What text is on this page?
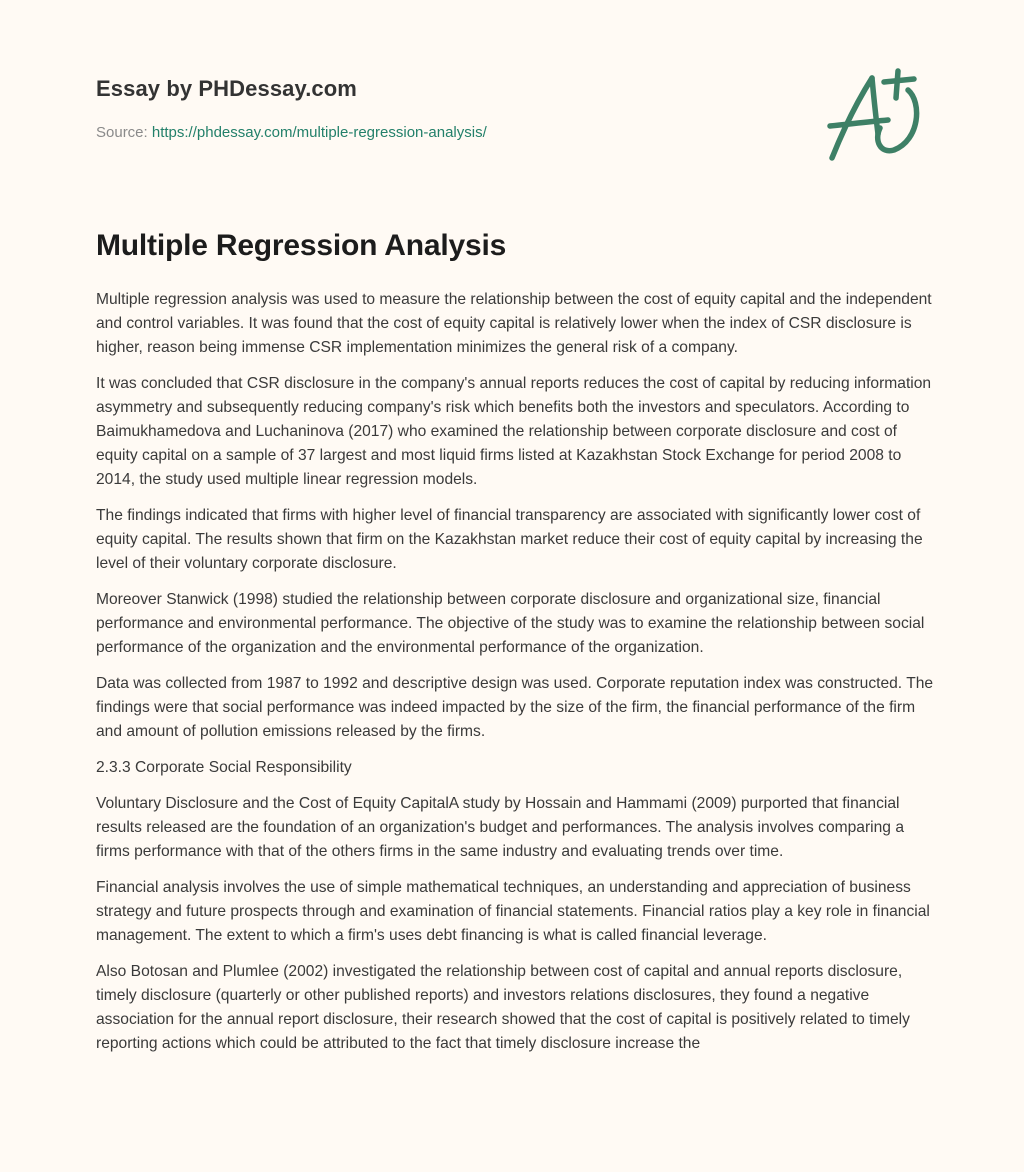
Essay by PHDessay.com
Source: https://phdessay.com/multiple-regression-analysis/
Multiple Regression Analysis

Multiple regression analysis was used to measure the relationship between the cost of equity capital and the independent and control variables. It was found that the cost of equity capital is relatively lower when the index of CSR disclosure is higher, reason being immense CSR implementation minimizes the general risk of a company.

It was concluded that CSR disclosure in the company's annual reports reduces the cost of capital by reducing information asymmetry and subsequently reducing company's risk which benefits both the investors and speculators. According to Baimukhamedova and Luchaninova (2017) who examined the relationship between corporate disclosure and cost of equity capital on a sample of 37 largest and most liquid firms listed at Kazakhstan Stock Exchange for period 2008 to 2014, the study used multiple linear regression models.

The findings indicated that firms with higher level of financial transparency are associated with significantly lower cost of equity capital. The results shown that firm on the Kazakhstan market reduce their cost of equity capital by increasing the level of their voluntary corporate disclosure.

Moreover Stanwick (1998) studied the relationship between corporate disclosure and organizational size, financial performance and environmental performance. The objective of the study was to examine the relationship between social performance of the organization and the environmental performance of the organization.

Data was collected from 1987 to 1992 and descriptive design was used. Corporate reputation index was constructed. The findings were that social performance was indeed impacted by the size of the firm, the financial performance of the firm and amount of pollution emissions released by the firms.

2.3.3 Corporate Social Responsibility

Voluntary Disclosure and the Cost of Equity CapitalA study by Hossain and Hammami (2009) purported that financial results released are the foundation of an organization's budget and performances. The analysis involves comparing a firms performance with that of the others firms in the same industry and evaluating trends over time.

Financial analysis involves the use of simple mathematical techniques, an understanding and appreciation of business strategy and future prospects through and examination of financial statements. Financial ratios play a key role in financial management. The extent to which a firm's uses debt financing is what is called financial leverage.

Also Botosan and Plumlee (2002) investigated the relationship between cost of capital and annual reports disclosure, timely disclosure (quarterly or other published reports) and investors relations disclosures, they found a negative association for the annual report disclosure, their research showed that the cost of capital is positively related to timely reporting actions which could be attributed to the fact that timely disclosure increase the
